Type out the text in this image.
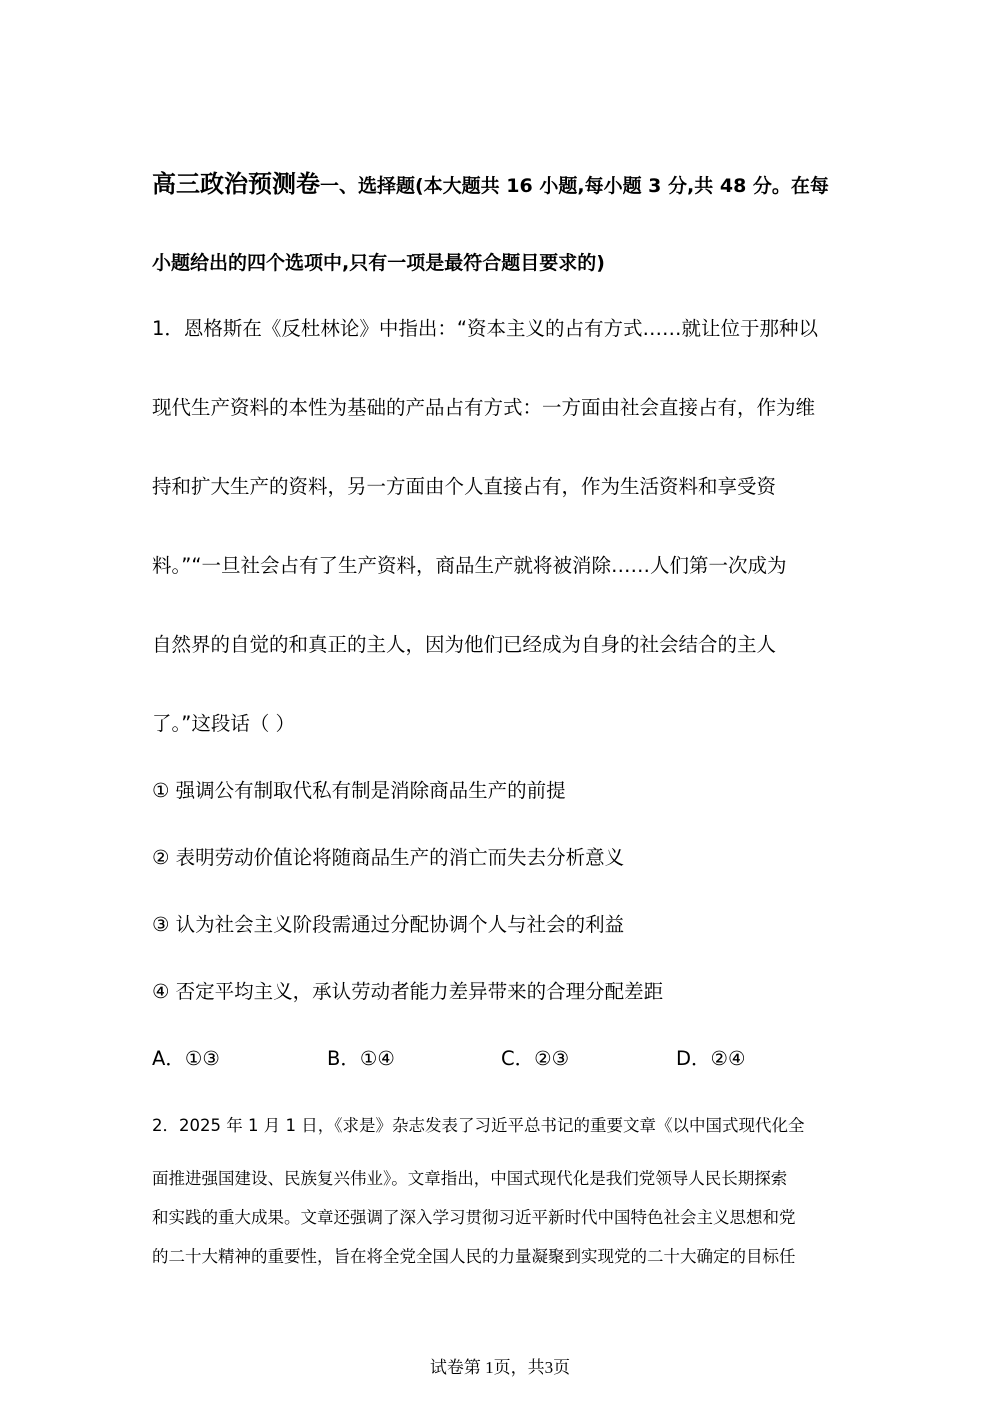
高三政治预测卷一、选择题(本大题共 16 小题,每小题 3 分,共 48 分。在每
小题给出的四个选项中,只有一项是最符合题目要求的)
1．恩格斯在《反杜林论》中指出：“资本主义的占有方式……就让位于那种以
现代生产资料的本性为基础的产品占有方式：一方面由社会直接占有，作为维
持和扩大生产的资料，另一方面由个人直接占有，作为生活资料和享受资
料。”“一旦社会占有了生产资料，商品生产就将被消除……人们第一次成为
自然界的自觉的和真正的主人，因为他们已经成为自身的社会结合的主人
了。”这段话（ ）
① 强调公有制取代私有制是消除商品生产的前提
② 表明劳动价值论将随商品生产的消亡而失去分析意义
③ 认为社会主义阶段需通过分配协调个人与社会的利益
④ 否定平均主义，承认劳动者能力差异带来的合理分配差距
A．①③	B．①④	C．②③	D．②④
2．2025 年 1 月 1 日，《求是》杂志发表了习近平总书记的重要文章《以中国式现代化全
面推进强国建设、民族复兴伟业》。文章指出，中国式现代化是我们党领导人民长期探索
和实践的重大成果。文章还强调了深入学习贯彻习近平新时代中国特色社会主义思想和党
的二十大精神的重要性，旨在将全党全国人民的力量凝聚到实现党的二十大确定的目标任
试卷第 1页，共3页
